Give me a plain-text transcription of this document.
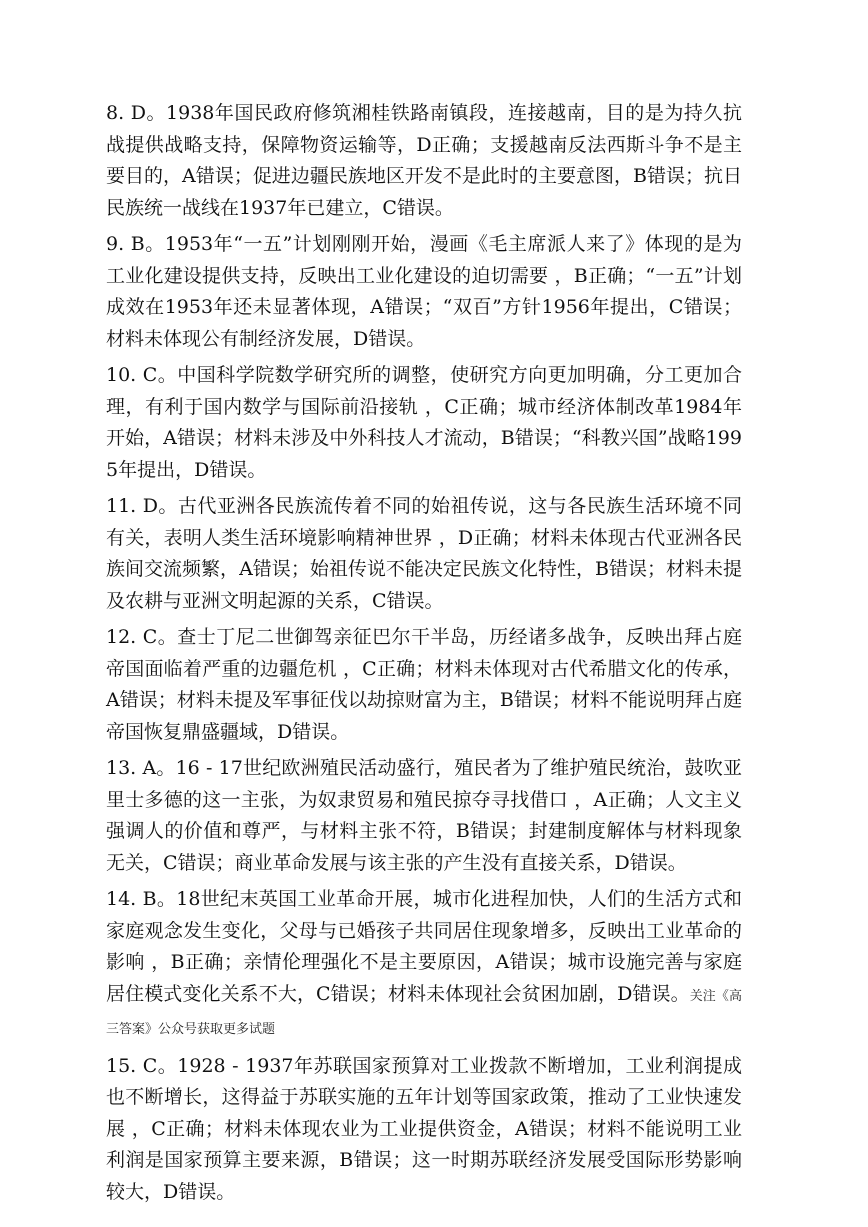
8. D。1938年国民政府修筑湘桂铁路南镇段，连接越南，目的是为持久抗战提供战略支持，保障物资运输等，D正确；支援越南反法西斯斗争不是主要目的，A错误；促进边疆民族地区开发不是此时的主要意图，B错误；抗日民族统一战线在1937年已建立，C错误。

9. B。1953年“一五”计划刚刚开始，漫画《毛主席派人来了》体现的是为工业化建设提供支持，反映出工业化建设的迫切需要 ，B正确；“一五”计划成效在1953年还未显著体现，A错误；“双百”方针1956年提出，C错误；材料未体现公有制经济发展，D错误。

10. C。中国科学院数学研究所的调整，使研究方向更加明确，分工更加合理，有利于国内数学与国际前沿接轨 ，C正确；城市经济体制改革1984年开始，A错误；材料未涉及中外科技人才流动，B错误；“科教兴国”战略1995年提出，D错误。

11. D。古代亚洲各民族流传着不同的始祖传说，这与各民族生活环境不同有关，表明人类生活环境影响精神世界 ，D正确；材料未体现古代亚洲各民族间交流频繁，A错误；始祖传说不能决定民族文化特性，B错误；材料未提及农耕与亚洲文明起源的关系，C错误。

12. C。查士丁尼二世御驾亲征巴尔干半岛，历经诸多战争，反映出拜占庭帝国面临着严重的边疆危机 ，C正确；材料未体现对古代希腊文化的传承，A错误；材料未提及军事征伐以劫掠财富为主，B错误；材料不能说明拜占庭帝国恢复鼎盛疆域，D错误。

13. A。16 - 17世纪欧洲殖民活动盛行，殖民者为了维护殖民统治，鼓吹亚里士多德的这一主张，为奴隶贸易和殖民掠夺寻找借口 ，A正确；人文主义强调人的价值和尊严，与材料主张不符，B错误；封建制度解体与材料现象无关，C错误；商业革命发展与该主张的产生没有直接关系，D错误。

14. B。18世纪末英国工业革命开展，城市化进程加快，人们的生活方式和家庭观念发生变化，父母与已婚孩子共同居住现象增多，反映出工业革命的影响 ，B正确；亲情伦理强化不是主要原因，A错误；城市设施完善与家庭居住模式变化关系不大，C错误；材料未体现社会贫困加剧，D错误。关注《高三答案》公众号获取更多试题

15. C。1928 - 1937年苏联国家预算对工业拨款不断增加，工业利润提成也不断增长，这得益于苏联实施的五年计划等国家政策，推动了工业快速发展 ，C正确；材料未体现农业为工业提供资金，A错误；材料不能说明工业利润是国家预算主要来源，B错误；这一时期苏联经济发展受国际形势影响较大，D错误。
